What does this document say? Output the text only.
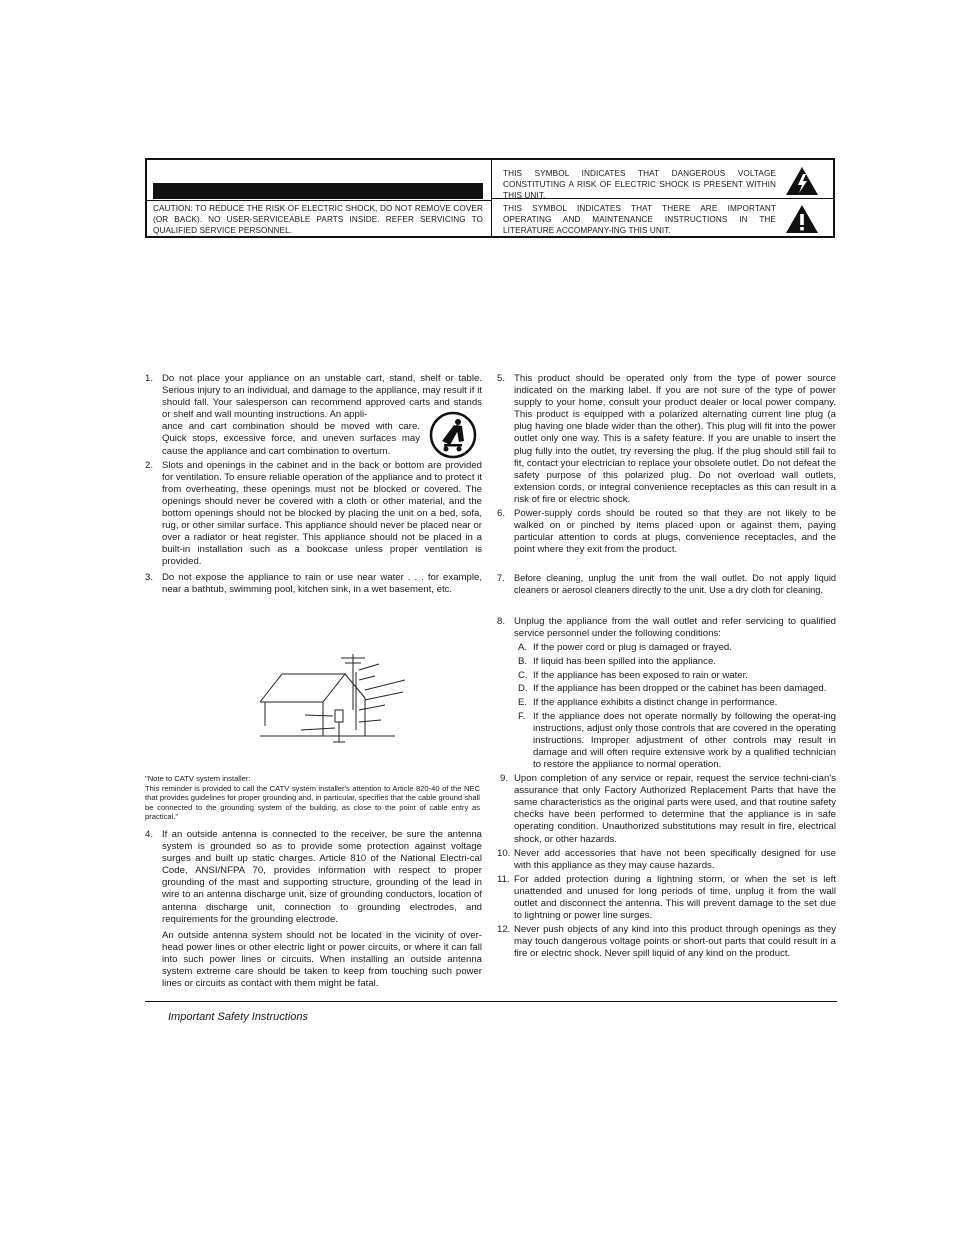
CAUTION: TO REDUCE THE RISK OF ELECTRIC SHOCK, DO NOT REMOVE COVER (OR BACK). NO USER-SERVICEABLE PARTS INSIDE. REFER SERVICING TO QUALIFIED SERVICE PERSONNEL.
THIS SYMBOL INDICATES THAT DANGEROUS VOLTAGE CONSTITUTING A RISK OF ELECTRIC SHOCK IS PRESENT WITHIN THIS UNIT.
THIS SYMBOL INDICATES THAT THERE ARE IMPORTANT OPERATING AND MAINTENANCE INSTRUCTIONS IN THE LITERATURE ACCOMPANY-ING THIS UNIT.
1. Do not place your appliance on an unstable cart, stand, shelf or table. Serious injury to an individual, and damage to the appliance, may result if it should fall. Your salesperson can recommend approved carts and stands or shelf and wall mounting instructions. An appli-
ance and cart combination should be moved with care. Quick stops, excessive force, and uneven surfaces may cause the appliance and cart combination to overturn.
2. Slots and openings in the cabinet and in the back or bottom are provided for ventilation. To ensure reliable operation of the appliance and to protect it from overheating, these openings must not be blocked or covered. The openings should never be covered with a cloth or other material, and the bottom openings should not be blocked by placing the unit on a bed, sofa, rug, or other similar surface. This appliance should never be placed near or over a radiator or heat register. This appliance should not be placed in a built-in installation such as a bookcase unless proper ventilation is provided.
3. Do not expose the appliance to rain or use near water . . . for example, near a bathtub, swimming pool, kitchen sink, in a wet basement, etc.
"Note to CATV system installer:
This reminder is provided to call the CATV system installer's attention to Article 820-40 of the NEC that provides guidelines for proper grounding and, in particular, specifies that the cable ground shall be connected to the grounding system of the building, as close to the point of cable entry as practical."
4. If an outside antenna is connected to the receiver, be sure the antenna system is grounded so as to provide some protection against voltage surges and built up static charges. Article 810 of the National Electri-cal Code, ANSI/NFPA 70, provides information with respect to proper grounding of the mast and supporting structure, grounding of the lead in wire to an antenna discharge unit, size of grounding conductors, location of antenna discharge unit, connection to grounding electrodes, and requirements for the grounding electrode.
An outside antenna system should not be located in the vicinity of over-head power lines or other electric light or power circuits, or where it can fall into such power lines or circuits. When installing an outside antenna system extreme care should be taken to keep from touching such power lines or circuits as contact with them might be fatal.
5. This product should be operated only from the type of power source indicated on the marking label. If you are not sure of the type of power supply to your home, consult your product dealer or local power company. This product is equipped with a polarized alternating current line plug (a plug having one blade wider than the other). This plug will fit into the power outlet only one way. This is a safety feature. If you are unable to insert the plug fully into the outlet, try reversing the plug. If the plug should still fail to fit, contact your electrician to replace your obsolete outlet. Do not defeat the safety purpose of this polarized plug. Do not overload wall outlets, extension cords, or integral convenience receptacles as this can result in a risk of fire or electric shock.
6. Power-supply cords should be routed so that they are not likely to be walked on or pinched by items placed upon or against them, paying particular attention to cords at plugs, convenience receptacles, and the point where they exit from the product.
7. Before cleaning, unplug the unit from the wall outlet. Do not apply liquid cleaners or aerosol cleaners directly to the unit. Use a dry cloth for cleaning.
8. Unplug the appliance from the wall outlet and refer servicing to qualified service personnel under the following conditions:
A. If the power cord or plug is damaged or frayed.
B. If liquid has been spilled into the appliance.
C. If the appliance has been exposed to rain or water.
D. If the appliance has been dropped or the cabinet has been damaged.
E. If the appliance exhibits a distinct change in performance.
F. If the appliance does not operate normally by following the operat-ing instructions, adjust only those controls that are covered in the operating instructions. Improper adjustment of other controls may result in damage and will often require extensive work by a qualified technician to restore the appliance to normal operation.
9. Upon completion of any service or repair, request the service techni-cian's assurance that only Factory Authorized Replacement Parts that have the same characteristics as the original parts were used, and that routine safety checks have been performed to determine that the appliance is in safe operating condition. Unauthorized substitutions may result in fire, electrical shock, or other hazards.
10. Never add accessories that have not been specifically designed for use with this appliance as they may cause hazards.
11. For added protection during a lightning storm, or when the set is left unattended and unused for long periods of time, unplug it from the wall outlet and disconnect the antenna. This will prevent damage to the set due to lightning or power line surges.
12. Never push objects of any kind into this product through openings as they may touch dangerous voltage points or short-out parts that could result in a fire or electric shock. Never spill liquid of any kind on the product.
Important Safety Instructions
